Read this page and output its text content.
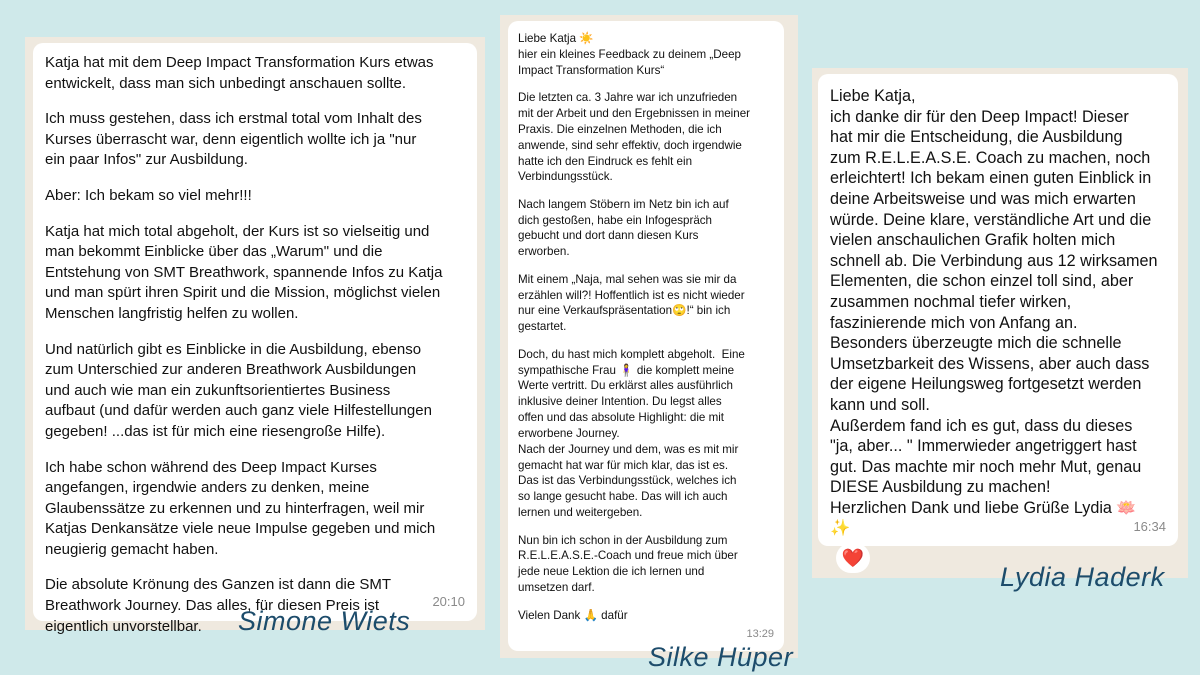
Katja hat mit dem Deep Impact Transformation Kurs etwas
entwickelt, dass man sich unbedingt anschauen sollte.
Ich muss gestehen, dass ich erstmal total vom Inhalt des
Kurses überrascht war, denn eigentlich wollte ich ja "nur
ein paar Infos" zur Ausbildung.
Aber: Ich bekam so viel mehr!!!
Katja hat mich total abgeholt, der Kurs ist so vielseitig und
man bekommt Einblicke über das „Warum" und die
Entstehung von SMT Breathwork, spannende Infos zu Katja
und man spürt ihren Spirit und die Mission, möglichst vielen
Menschen langfristig helfen zu wollen.
Und natürlich gibt es Einblicke in die Ausbildung, ebenso
zum Unterschied zur anderen Breathwork Ausbildungen
und auch wie man ein zukunftsorientiertes Business
aufbaut (und dafür werden auch ganz viele Hilfestellungen
gegeben! ...das ist für mich eine riesengroße Hilfe).
Ich habe schon während des Deep Impact Kurses
angefangen, irgendwie anders zu denken, meine
Glaubenssätze zu erkennen und zu hinterfragen, weil mir
Katjas Denkansätze viele neue Impulse gegeben und mich
neugierig gemacht haben.
Die absolute Krönung des Ganzen ist dann die SMT
Breathwork Journey. Das alles, für diesen Preis ist
eigentlich unvorstellbar.
20:10
Simone Wiets
Liebe Katja ☀️
hier ein kleines Feedback zu deinem „Deep
Impact Transformation Kurs“
Die letzten ca. 3 Jahre war ich unzufrieden
mit der Arbeit und den Ergebnissen in meiner
Praxis. Die einzelnen Methoden, die ich
anwende, sind sehr effektiv, doch irgendwie
hatte ich den Eindruck es fehlt ein
Verbindungsstück.
Nach langem Stöbern im Netz bin ich auf
dich gestoßen, habe ein Infogespräch
gebucht und dort dann diesen Kurs
erworben.
Mit einem „Naja, mal sehen was sie mir da
erzählen will?! Hoffentlich ist es nicht wieder
nur eine Verkaufspräsentation🙄!“ bin ich
gestartet.
Doch, du hast mich komplett abgeholt.  Eine
sympathische Frau 🧍‍♀️ die komplett meine
Werte vertritt. Du erklärst alles ausführlich
inklusive deiner Intention. Du legst alles
offen und das absolute Highlight: die mit
erworbene Journey.
Nach der Journey und dem, was es mit mir
gemacht hat war für mich klar, das ist es.
Das ist das Verbindungsstück, welches ich
so lange gesucht habe. Das will ich auch
lernen und weitergeben.
Nun bin ich schon in der Ausbildung zum
R.E.L.E.A.S.E.-Coach und freue mich über
jede neue Lektion die ich lernen und
umsetzen darf.
Vielen Dank 🙏 dafür
13:29
Silke Hüper
Liebe Katja,
ich danke dir für den Deep Impact! Dieser
hat mir die Entscheidung, die Ausbildung
zum R.E.L.E.A.S.E. Coach zu machen, noch
erleichtert! Ich bekam einen guten Einblick in
deine Arbeitsweise und was mich erwarten
würde. Deine klare, verständliche Art und die
vielen anschaulichen Grafik holten mich
schnell ab. Die Verbindung aus 12 wirksamen
Elementen, die schon einzel toll sind, aber
zusammen nochmal tiefer wirken,
faszinierende mich von Anfang an.
Besonders überzeugte mich die schnelle
Umsetzbarkeit des Wissens, aber auch dass
der eigene Heilungsweg fortgesetzt werden
kann und soll.
Außerdem fand ich es gut, dass du dieses
"ja, aber... " Immerwieder angetriggert hast
gut. Das machte mir noch mehr Mut, genau
DIESE Ausbildung zu machen!
Herzlichen Dank und liebe Grüße Lydia 🪷
✨	16:34
❤️
Lydia Haderk
